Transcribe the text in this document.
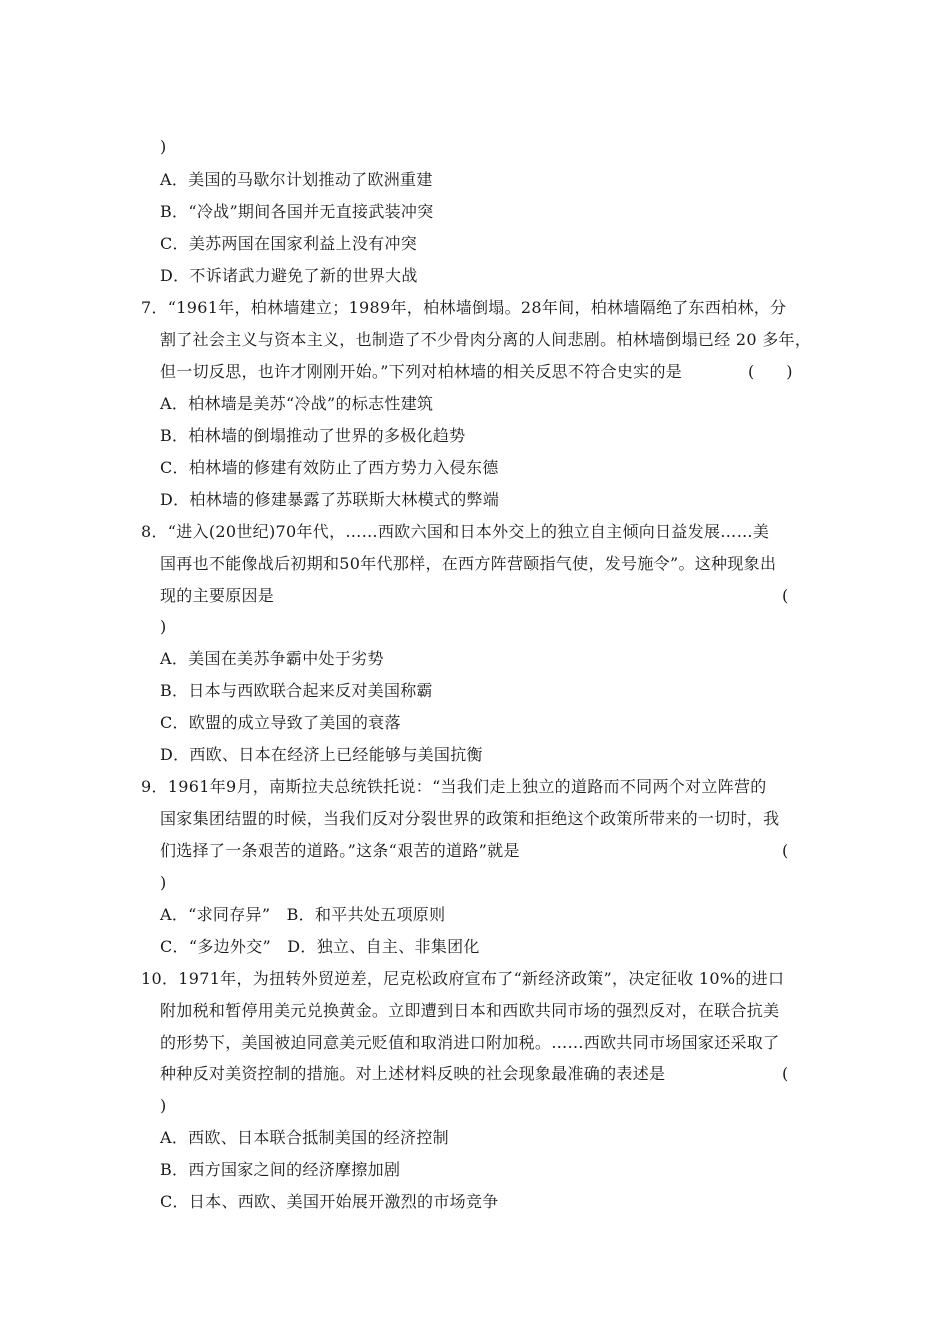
)
A．美国的马歇尔计划推动了欧洲重建
B．“冷战”期间各国并无直接武装冲突
C．美苏两国在国家利益上没有冲突
D．不诉诸武力避免了新的世界大战
7．“1961年，柏林墙建立；1989年，柏林墙倒塌。28年间，柏林墙隔绝了东西柏林，分
割了社会主义与资本主义，也制造了不少骨肉分离的人间悲剧。柏林墙倒塌已经 20 多年，
但一切反思，也许才刚刚开始。”下列对柏林墙的相关反思不符合史实的是	(　　)
A．柏林墙是美苏“冷战”的标志性建筑
B．柏林墙的倒塌推动了世界的多极化趋势
C．柏林墙的修建有效防止了西方势力入侵东德
D．柏林墙的修建暴露了苏联斯大林模式的弊端
8．“进入(20世纪)70年代，……西欧六国和日本外交上的独立自主倾向日益发展……美
国再也不能像战后初期和50年代那样，在西方阵营颐指气使，发号施令”。这种现象出
现的主要原因是	(
)
A．美国在美苏争霸中处于劣势
B．日本与西欧联合起来反对美国称霸
C．欧盟的成立导致了美国的衰落
D．西欧、日本在经济上已经能够与美国抗衡
9．1961年9月，南斯拉夫总统铁托说：“当我们走上独立的道路而不同两个对立阵营的
国家集团结盟的时候，当我们反对分裂世界的政策和拒绝这个政策所带来的一切时，我
们选择了一条艰苦的道路。”这条“艰苦的道路”就是	(
)
A．“求同存异”　B．和平共处五项原则
C．“多边外交”　D．独立、自主、非集团化
10．1971年，为扭转外贸逆差，尼克松政府宣布了“新经济政策”，决定征收 10%的进口
附加税和暂停用美元兑换黄金。立即遭到日本和西欧共同市场的强烈反对，在联合抗美
的形势下，美国被迫同意美元贬值和取消进口附加税。……西欧共同市场国家还采取了
种种反对美资控制的措施。对上述材料反映的社会现象最准确的表述是	(
)
A．西欧、日本联合抵制美国的经济控制
B．西方国家之间的经济摩擦加剧
C．日本、西欧、美国开始展开激烈的市场竞争
